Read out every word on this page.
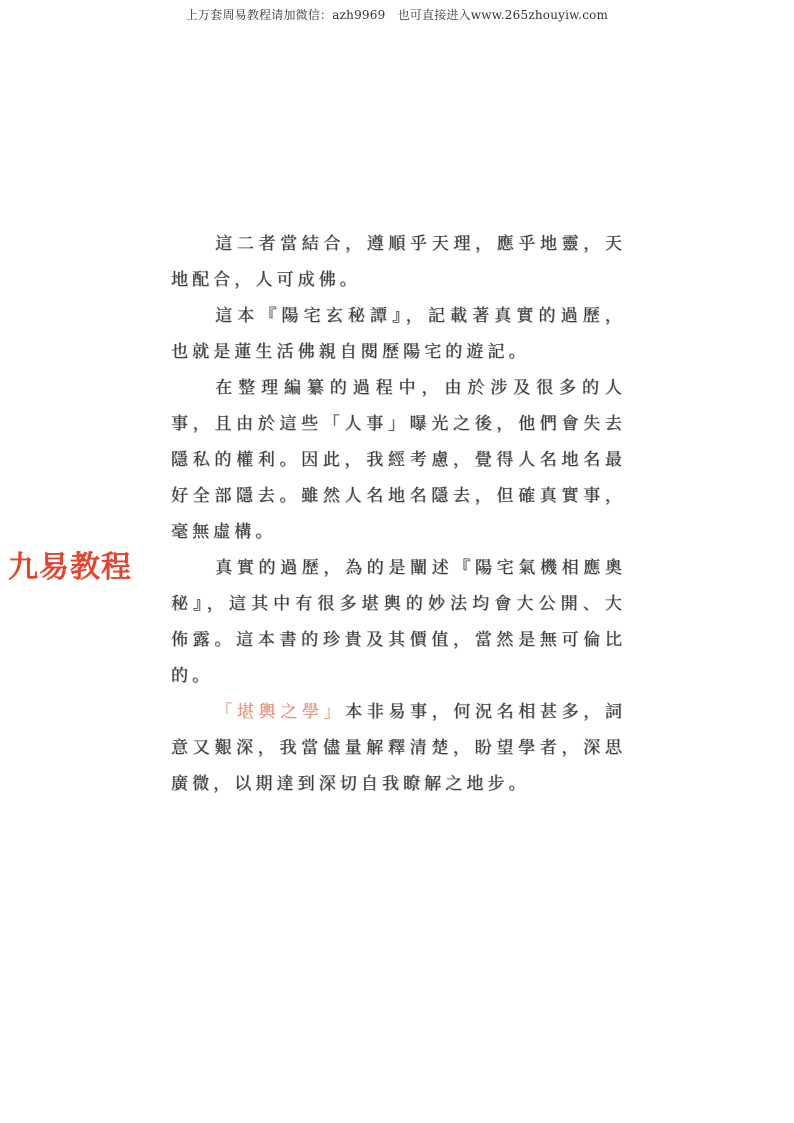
上万套周易教程请加微信：azh9969　也可直接进入www.265zhouyiw.com
九易教程

這二者當結合，遵順乎天理，應乎地靈，天地配合，人可成佛。

這本『陽宅玄秘譚』，記載著真實的過歷，也就是蓮生活佛親自閱歷陽宅的遊記。

在整理編纂的過程中，由於涉及很多的人事，且由於這些「人事」曝光之後，他們會失去隱私的權利。因此，我經考慮，覺得人名地名最好全部隱去。雖然人名地名隱去，但確真實事，毫無虛構。

真實的過歷，為的是闡述『陽宅氣機相應奧秘』，這其中有很多堪輿的妙法均會大公開、大佈露。這本書的珍貴及其價值，當然是無可倫比的。

「堪輿之學」本非易事，何況名相甚多，詞意又艱深，我當儘量解釋清楚，盼望學者，深思廣微，以期達到深切自我瞭解之地步。
